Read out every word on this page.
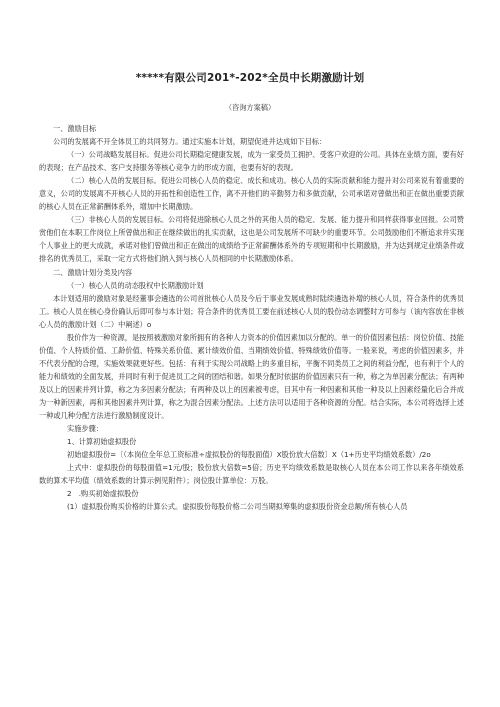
*****有限公司201*-202*全员中长期激励计划
（咨询方案稿）

一、激励目标

公司的发展离不开全体员工的共同努力。通过实施本计划，期望促进并达成如下目标：

（一）公司战略发展目标。促进公司长期稳定健康发展，成为一家受员工拥护、受客户欢迎的公司。具体在业绩方面，要有好的表现；在产品技术、客户支持服务等核心竞争力的形成方面，也要有好的表现。

（二）核心人员的发展目标。促进公司核心人员的稳定、成长和成功。核心人员的实际贡献和能力提升对公司来说有着重要的意义，公司的发展离不开核心人员的开拓性和创造性工作，离不开他们的辛勤努力和多做贡献，公司承诺对曾做出和正在做出重要贡献的核心人员在正常薪酬体系外，增加中长期激励。

（三）非核心人员的发展目标。公司将促进除核心人员之外的其他人员的稳定、发展、能力提升和同样获得事业回报。公司赞赏他们在本职工作岗位上所曾做出和正在继续做出的扎实贡献，这也是公司发展所不可缺少的重要环节。公司鼓励他们不断追求并实现个人事业上的更大成就，承诺对他们曾做出和正在做出的成绩给予正常薪酬体系外的专项短期和中长期激励，并为达到规定业绩条件或排名的优秀员工，采取一定方式将他们纳入到与核心人员相同的中长期激励体系。

二、激励计划分类及内容

（一）核心人员的动态股权中长期激励计划

本计划适用的激励对象是经董事会遴选的公司首批核心人员及今后于事业发展成熟时陆续遴选补增的核心人员，符合条件的优秀员工。核心人员在核心身份确认后即可参与本计划；符合条件的优秀员工要在前述核心人员的股份动态调整时方可参与（该内容放在非核心人员的激励计划（二）中阐述）o

股价作为一种资源，是按照被激励对象所拥有的各种人力资本的价值因素加以分配的。单一的价值因素包括：岗位价值、技能价值、个人特质价值、工龄价值、特殊关系价值、累计绩效价值、当期绩效价值、特殊绩效价值等。一般来说，考虑的价值因素多，并不代表分配的合理，实施效果就更好些。包括：有利于实现公司战略上的多重目标，平衡不同类员工之间的利益分配，也有利于个人的能力和绩效的全面发展，并同时有利于促进员工之间的团结和谐。如果分配时依据的价值因素只有一种，称之为单因素分配法；有两种及以上的因素并列计算，称之为多因素分配法；有两种及以上的因素被考虑，目其中有一种因素和其他一种及以上因素经量化后合并成为一种新因素，再和其他因素并列计算，称之为混合因素分配法。上述方法可以适用于各种资源的分配。结合实际，本公司将选择上述一种或几种分配方法进行激励制度设计。

实施步骤：

1、计算初始虚拟股份

初始虚拟股份=〔（本岗位全年总工资标准÷虚拟股份的每股面值）X股份放大倍数〕X（1+历史平均绩效系数）/2o

上式中：虚拟股份的每股面值=1元/股；股份放大倍数=5倍；历史平均绩效系数是取核心人员在本公司工作以来各年绩效系数的算术平均值（绩效系数的计算示例见附件）；岗位股计算单位：万股。

2　.购买初始虚拟股份

(1）虚拟股份购买价格的计算公式。虚拟股份每股价格二公司当期拟筹集的虚拟股份资金总额/所有核心人员
